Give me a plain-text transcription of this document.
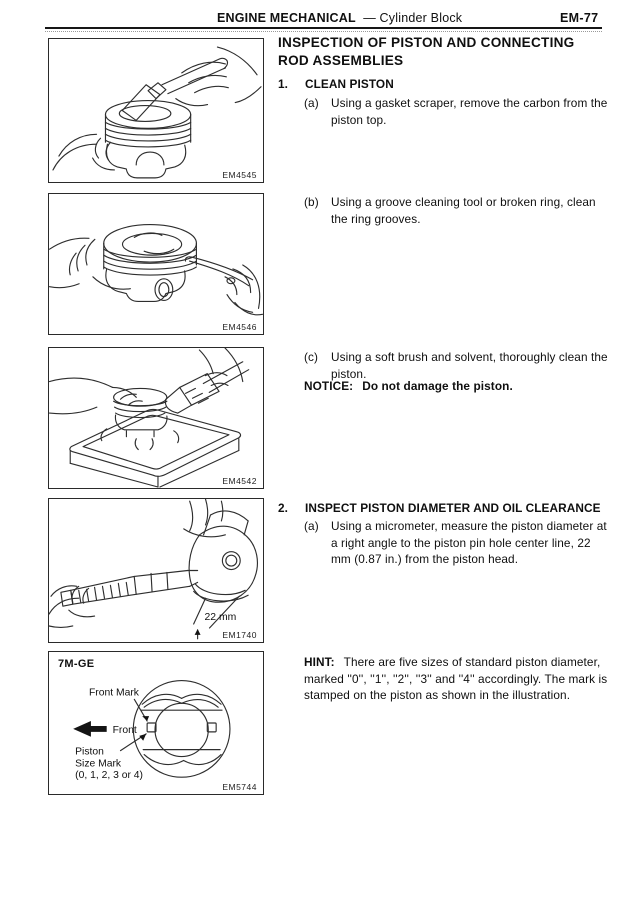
ENGINE MECHANICAL — Cylinder Block	EM-77
EM4545
EM4546
EM4542
22 mm
EM1740
7M-GE
Front Mark
Front
Piston
Size Mark
(0, 1, 2, 3 or 4)
EM5744
INSPECTION OF PISTON AND CONNECTING ROD ASSEMBLIES
1.	CLEAN PISTON
(a)	Using a gasket scraper, remove the carbon from the piston top.
(b)	Using a groove cleaning tool or broken ring, clean the ring grooves.
(c)	Using a soft brush and solvent, thoroughly clean the piston.
NOTICE: Do not damage the piston.
2.	INSPECT PISTON DIAMETER AND OIL CLEARANCE
(a)	Using a micrometer, measure the piston diameter at a right angle to the piston pin hole center line, 22 mm (0.87 in.) from the piston head.
HINT: There are five sizes of standard piston diameter, marked ''0'', ''1'', ''2'', ''3'' and ''4'' accordingly. The mark is stamped on the piston as shown in the illustration.
